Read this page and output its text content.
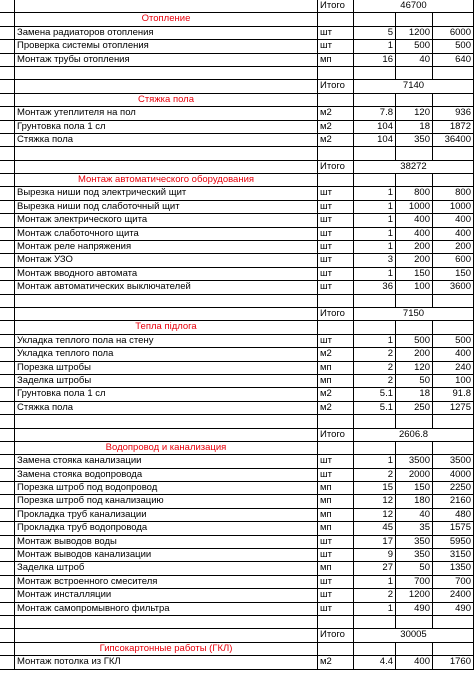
Итого	46700
Отопление
Замена радиаторов отопления	шт	5	1200	6000
Проверка системы отопления	шт	1	500	500
Монтаж трубы отопления	мп	16	40	640
Итого	7140
Стяжка пола
Монтаж утеплителя на пол	м2	7.8	120	936
Грунтовка пола 1 сл	м2	104	18	1872
Стяжка пола	м2	104	350	36400
Итого	38272
Монтаж автоматического оборудования
Вырезка ниши под электрический щит	шт	1	800	800
Вырезка ниши под слаботочный щит	шт	1	1000	1000
Монтаж электрического щита	шт	1	400	400
Монтаж слаботочного щита	шт	1	400	400
Монтаж реле напряжения	шт	1	200	200
Монтаж УЗО	шт	3	200	600
Монтаж вводного автомата	шт	1	150	150
Монтаж автоматических выключателей	шт	36	100	3600
Итого	7150
Тепла підлога
Укладка теплого пола на стену	шт	1	500	500
Укладка теплого пола	м2	2	200	400
Порезка штробы	мп	2	120	240
Заделка штробы	мп	2	50	100
Грунтовка пола 1 сл	м2	5.1	18	91.8
Стяжка пола	м2	5.1	250	1275
Итого	2606.8
Водопровод и канализация
Замена стояка канализации	шт	1	3500	3500
Замена стояка водопровода	шт	2	2000	4000
Порезка штроб под водопровод	мп	15	150	2250
Порезка штроб под канализацию	мп	12	180	2160
Прокладка труб канализации	мп	12	40	480
Прокладка труб водопровода	мп	45	35	1575
Монтаж выводов воды	шт	17	350	5950
Монтаж выводов канализации	шт	9	350	3150
Заделка штроб	мп	27	50	1350
Монтаж встроенного смесителя	шт	1	700	700
Монтаж инсталляции	шт	2	1200	2400
Монтаж самопромывного фильтра	шт	1	490	490
Итого	30005
Гипсокартонные работы (ГКЛ)
Монтаж потолка из ГКЛ	м2	4.4	400	1760
